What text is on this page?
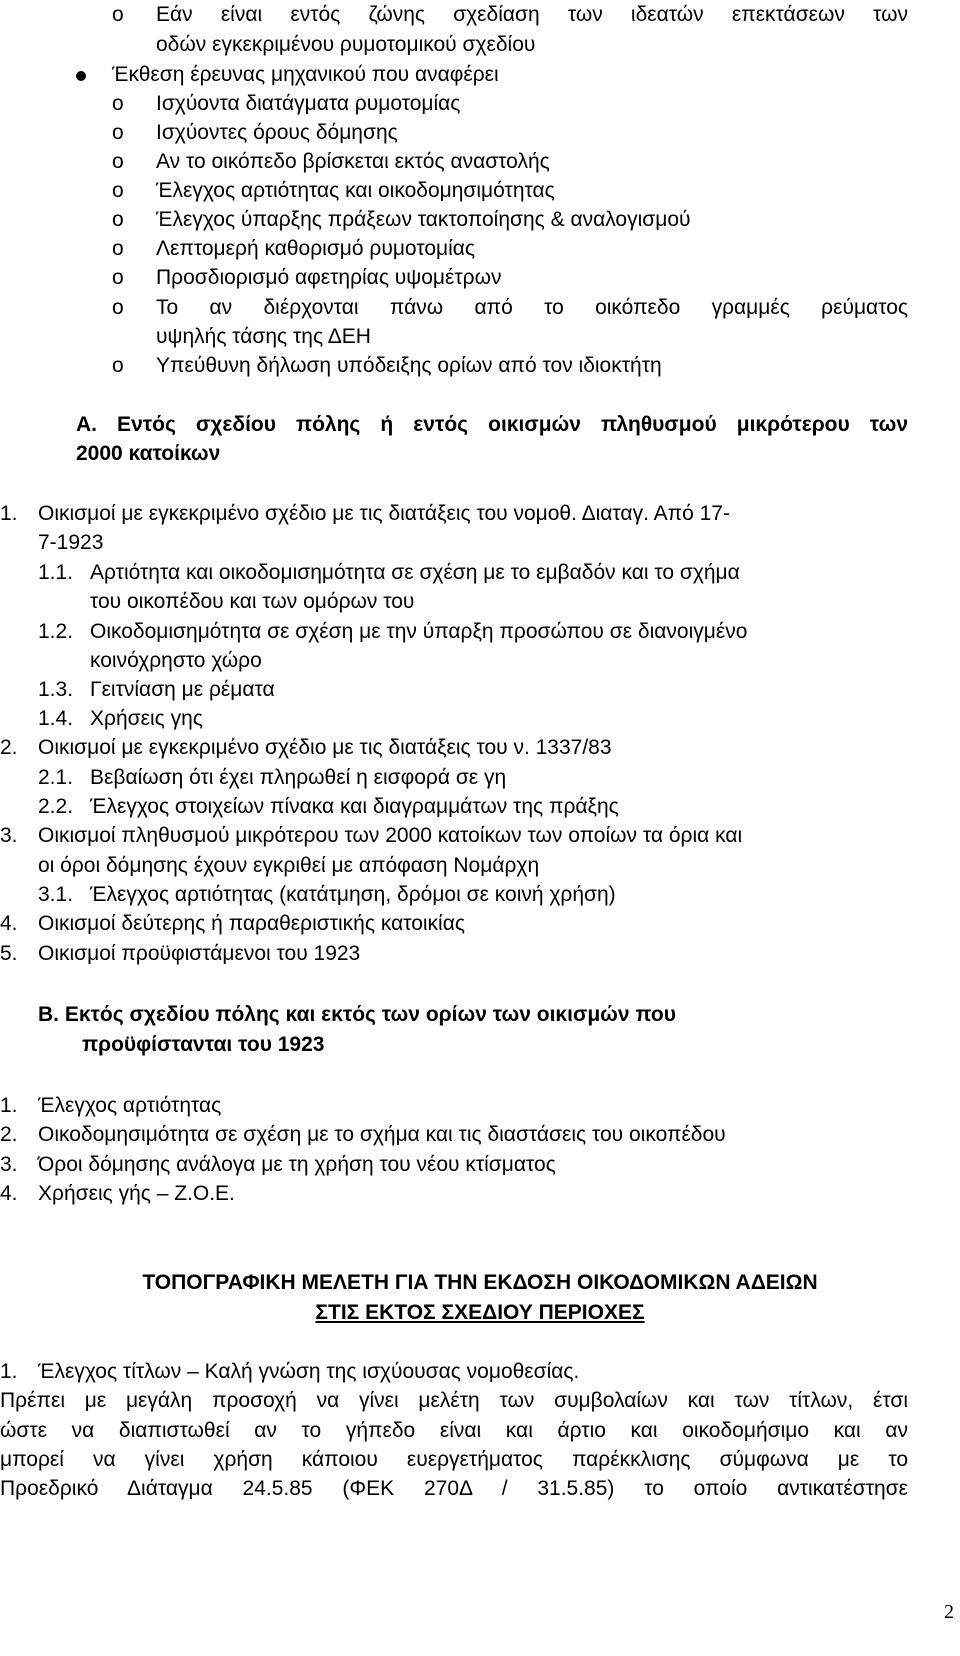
o Εάν είναι εντός ζώνης σχεδίαση των ιδεατών επεκτάσεων των
οδών εγκεκριμένου ρυμοτομικού σχεδίου
Έκθεση έρευνας μηχανικού που αναφέρει
o Ισχύοντα διατάγματα ρυμοτομίας
o Ισχύοντες όρους δόμησης
o Αν το οικόπεδο βρίσκεται εκτός αναστολής
o Έλεγχος αρτιότητας και οικοδομησιμότητας
o Έλεγχος ύπαρξης πράξεων τακτοποίησης & αναλογισμού
o Λεπτομερή καθορισμό ρυμοτομίας
o Προσδιορισμό αφετηρίας υψομέτρων
o Το αν διέρχονται πάνω από το οικόπεδο γραμμές ρεύματος
υψηλής τάσης της ΔΕΗ
o Υπεύθυνη δήλωση υπόδειξης ορίων από τον ιδιοκτήτη
Α. Εντός σχεδίου πόλης ή εντός οικισμών πληθυσμού μικρότερου των
2000 κατοίκων
1. Οικισμοί με εγκεκριμένο σχέδιο με τις διατάξεις του νομοθ. Διαταγ. Από 17-
7-1923
1.1. Αρτιότητα και οικοδομισημότητα σε σχέση με το εμβαδόν και το σχήμα
του οικοπέδου και των ομόρων του
1.2. Οικοδομισημότητα σε σχέση με την ύπαρξη προσώπου σε διανοιγμένο
κοινόχρηστο χώρο
1.3. Γειτνίαση με ρέματα
1.4. Χρήσεις γης
2. Οικισμοί με εγκεκριμένο σχέδιο με τις διατάξεις του ν. 1337/83
2.1. Βεβαίωση ότι έχει πληρωθεί η εισφορά σε γη
2.2. Έλεγχος στοιχείων πίνακα και διαγραμμάτων της πράξης
3. Οικισμοί πληθυσμού μικρότερου των 2000 κατοίκων των οποίων τα όρια και
οι όροι δόμησης έχουν εγκριθεί με απόφαση Νομάρχη
3.1. Έλεγχος αρτιότητας (κατάτμηση, δρόμοι σε κοινή χρήση)
4. Οικισμοί δεύτερης ή παραθεριστικής κατοικίας
5. Οικισμοί προϋφιστάμενοι του 1923
Β. Εκτός σχεδίου πόλης και εκτός των ορίων των οικισμών που
προϋφίστανται του 1923
1. Έλεγχος αρτιότητας
2. Οικοδομησιμότητα σε σχέση με το σχήμα και τις διαστάσεις του οικοπέδου
3. Όροι δόμησης ανάλογα με τη χρήση του νέου κτίσματος
4. Χρήσεις γής – Ζ.Ο.Ε.
ΤΟΠΟΓΡΑΦΙΚΗ ΜΕΛΕΤΗ ΓΙΑ ΤΗΝ ΕΚΔΟΣΗ ΟΙΚΟΔΟΜΙΚΩΝ ΑΔΕΙΩΝ
ΣΤΙΣ ΕΚΤΟΣ ΣΧΕΔΙΟΥ ΠΕΡΙΟΧΕΣ
1. Έλεγχος τίτλων – Καλή γνώση της ισχύουσας νομοθεσίας.
Πρέπει με μεγάλη προσοχή να γίνει μελέτη των συμβολαίων και των τίτλων, έτσι
ώστε να διαπιστωθεί αν το γήπεδο είναι και άρτιο και οικοδομήσιμο και αν
μπορεί να γίνει χρήση κάποιου ευεργετήματος παρέκκλισης σύμφωνα με το
Προεδρικό Διάταγμα 24.5.85 (ΦΕΚ 270Δ / 31.5.85) το οποίο αντικατέστησε
2
